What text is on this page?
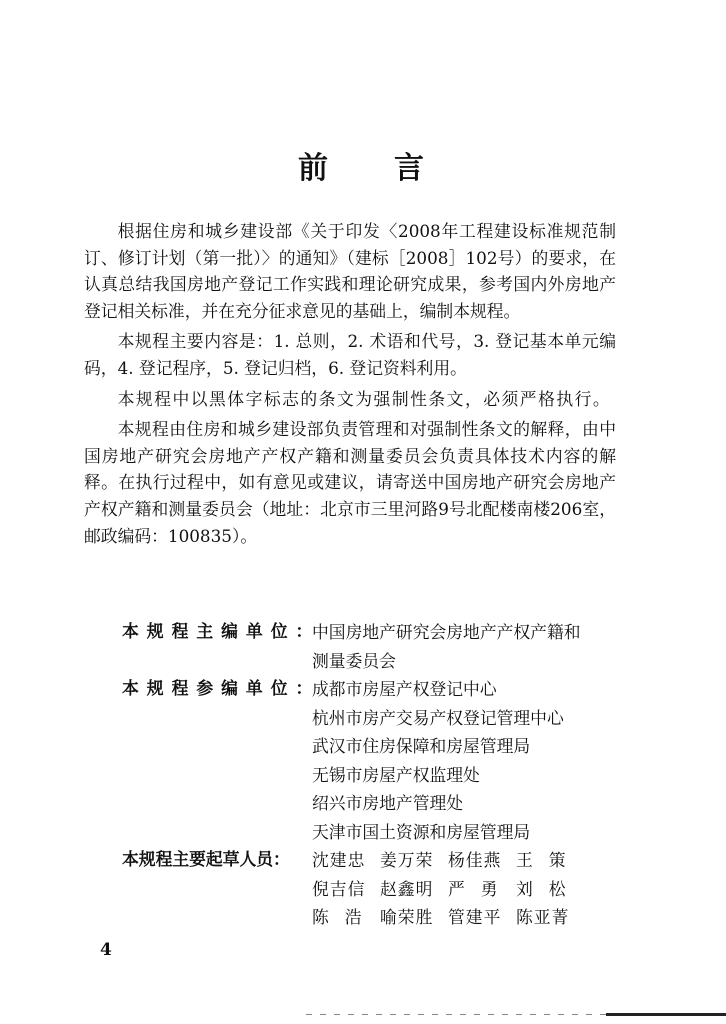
前 言

根据住房和城乡建设部《关于印发〈2008年工程建设标准规范制订、修订计划（第一批）〉的通知》（建标［2008］102号）的要求，在认真总结我国房地产登记工作实践和理论研究成果，参考国内外房地产登记相关标准，并在充分征求意见的基础上，编制本规程。

本规程主要内容是：1. 总则，2. 术语和代号，3. 登记基本单元编码，4. 登记程序，5. 登记归档，6. 登记资料利用。

本规程中以黑体字标志的条文为强制性条文，必须严格执行。

本规程由住房和城乡建设部负责管理和对强制性条文的解释，由中国房地产研究会房地产产权产籍和测量委员会负责具体技术内容的解释。在执行过程中，如有意见或建议，请寄送中国房地产研究会房地产产权产籍和测量委员会（地址：北京市三里河路9号北配楼南楼206室，邮政编码：100835）。

本规程主编单位：
中国房地产研究会房地产产权产籍和
测量委员会
本规程参编单位：
成都市房屋产权登记中心
杭州市房产交易产权登记管理中心
武汉市住房保障和房屋管理局
无锡市房屋产权监理处
绍兴市房地产管理处
天津市国土资源和房屋管理局
本规程主要起草人员：	沈建忠 姜万荣 杨佳燕 王策
倪吉信 赵鑫明 严勇 刘松
陈浩 喻荣胜 管建平 陈亚菁
4
